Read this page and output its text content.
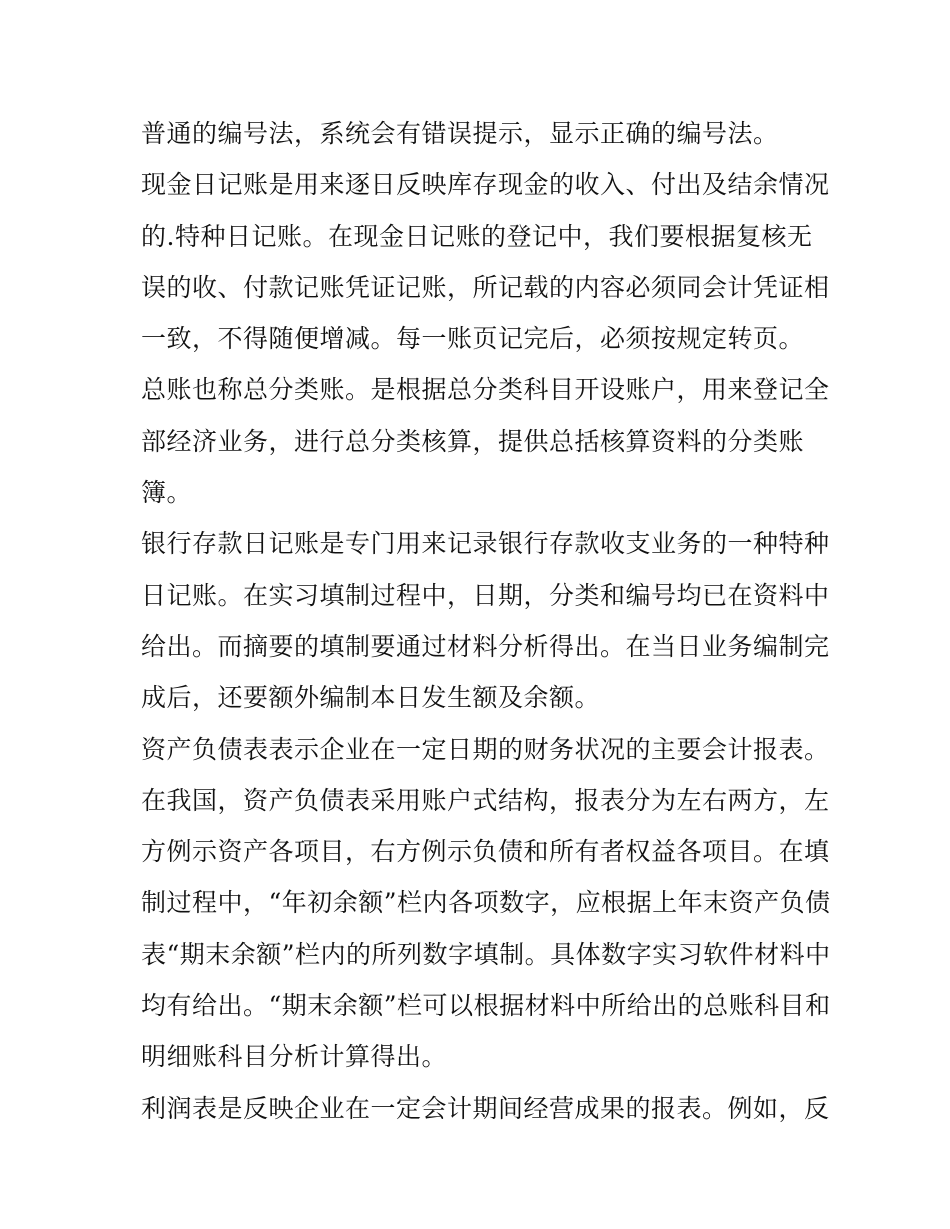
普通的编号法，系统会有错误提示，显示正确的编号法。
现金日记账是用来逐日反映库存现金的收入、付出及结余情况
的.特种日记账。在现金日记账的登记中，我们要根据复核无
误的收、付款记账凭证记账，所记载的内容必须同会计凭证相
一致，不得随便增减。每一账页记完后，必须按规定转页。
总账也称总分类账。是根据总分类科目开设账户，用来登记全
部经济业务，进行总分类核算，提供总括核算资料的分类账
簿。
银行存款日记账是专门用来记录银行存款收支业务的一种特种
日记账。在实习填制过程中，日期，分类和编号均已在资料中
给出。而摘要的填制要通过材料分析得出。在当日业务编制完
成后，还要额外编制本日发生额及余额。
资产负债表表示企业在一定日期的财务状况的主要会计报表。
在我国，资产负债表采用账户式结构，报表分为左右两方，左
方例示资产各项目，右方例示负债和所有者权益各项目。在填
制过程中，“年初余额”栏内各项数字，应根据上年末资产负债
表“期末余额”栏内的所列数字填制。具体数字实习软件材料中
均有给出。“期末余额”栏可以根据材料中所给出的总账科目和
明细账科目分析计算得出。
利润表是反映企业在一定会计期间经营成果的报表。例如，反
